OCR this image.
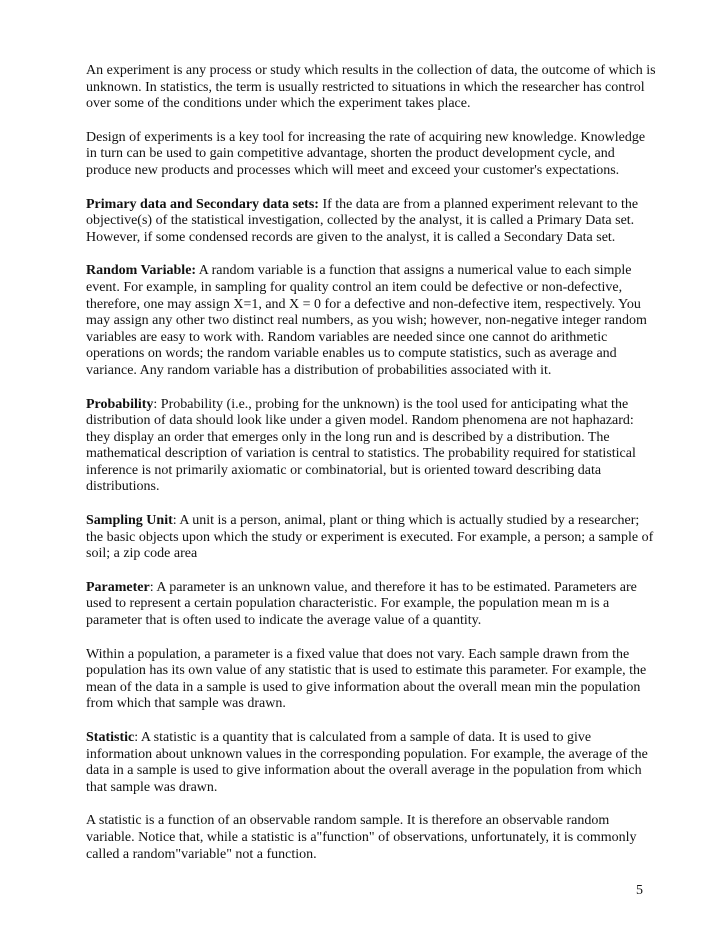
An experiment is any process or study which results in the collection of data, the outcome of which is unknown. In statistics, the term is usually restricted to situations in which the researcher has control over some of the conditions under which the experiment takes place.

Design of experiments is a key tool for increasing the rate of acquiring new knowledge. Knowledge in turn can be used to gain competitive advantage, shorten the product development cycle, and produce new products and processes which will meet and exceed your customer's expectations.

Primary data and Secondary data sets: If the data are from a planned experiment relevant to the objective(s) of the statistical investigation, collected by the analyst, it is called a Primary Data set. However, if some condensed records are given to the analyst, it is called a Secondary Data set.

Random Variable: A random variable is a function that assigns a numerical value to each simple event. For example, in sampling for quality control an item could be defective or non-defective, therefore, one may assign X=1, and X = 0 for a defective and non-defective item, respectively. You may assign any other two distinct real numbers, as you wish; however, non-negative integer random variables are easy to work with. Random variables are needed since one cannot do arithmetic operations on words; the random variable enables us to compute statistics, such as average and variance. Any random variable has a distribution of probabilities associated with it.

Probability: Probability (i.e., probing for the unknown) is the tool used for anticipating what the distribution of data should look like under a given model. Random phenomena are not haphazard: they display an order that emerges only in the long run and is described by a distribution. The mathematical description of variation is central to statistics. The probability required for statistical inference is not primarily axiomatic or combinatorial, but is oriented toward describing data distributions.

Sampling Unit: A unit is a person, animal, plant or thing which is actually studied by a researcher; the basic objects upon which the study or experiment is executed. For example, a person; a sample of soil; a zip code area

Parameter: A parameter is an unknown value, and therefore it has to be estimated. Parameters are used to represent a certain population characteristic. For example, the population mean m is a parameter that is often used to indicate the average value of a quantity.

Within a population, a parameter is a fixed value that does not vary. Each sample drawn from the population has its own value of any statistic that is used to estimate this parameter. For example, the mean of the data in a sample is used to give information about the overall mean min the population from which that sample was drawn.

Statistic: A statistic is a quantity that is calculated from a sample of data. It is used to give information about unknown values in the corresponding population. For example, the average of the data in a sample is used to give information about the overall average in the population from which that sample was drawn.

A statistic is a function of an observable random sample. It is therefore an observable random variable. Notice that, while a statistic is a"function" of observations, unfortunately, it is commonly called a random"variable" not a function.

5
